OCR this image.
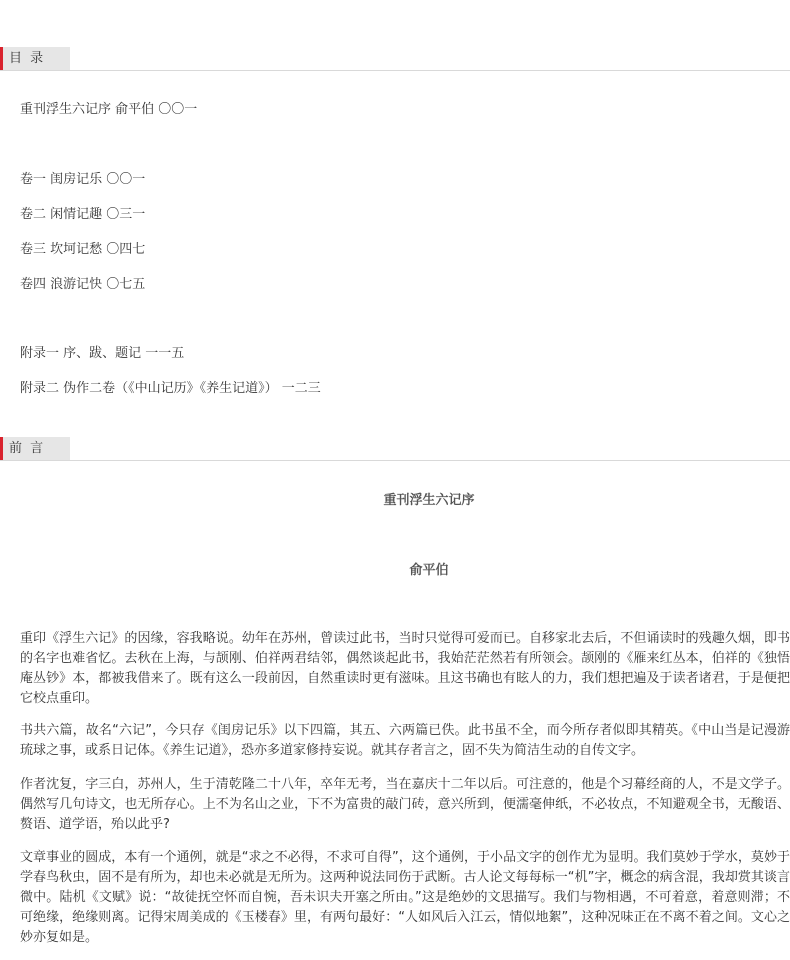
目 录
重刊浮生六记序 俞平伯 〇〇一
卷一 闺房记乐 〇〇一
卷二 闲情记趣 〇三一
卷三 坎坷记愁 〇四七
卷四 浪游记快 〇七五
附录一 序、跋、题记 一一五
附录二 伪作二卷（《中山记历》《养生记道》） 一二三
前 言
重刊浮生六记序
俞平伯

重印《浮生六记》的因缘，容我略说。幼年在苏州，曾读过此书，当时只觉得可爱而已。自移家北去后，不但诵读时的残趣久烟，即书的名字也难省忆。去秋在上海，与颉刚、伯祥两君结邻，偶然谈起此书，我始茫茫然若有所领会。颉刚的《雁来红丛本，伯祥的《独悟庵丛钞》本，都被我借来了。既有这么一段前因，自然重读时更有滋味。且这书确也有眩人的力，我们想把遍及于读者诸君，于是便把它校点重印。

书共六篇，故名“六记”，今只存《闺房记乐》以下四篇，其五、六两篇已佚。此书虽不全，而今所存者似即其精英。《中山当是记漫游琉球之事，或系日记体。《养生记道》，恐亦多道家修持妄说。就其存者言之，固不失为简洁生动的自传文字。

作者沈复，字三白，苏州人，生于清乾隆二十八年，卒年无考，当在嘉庆十二年以后。可注意的，他是个习幕经商的人，不是文学子。偶然写几句诗文，也无所存心。上不为名山之业，下不为富贵的敲门砖，意兴所到，便濡毫伸纸，不必妆点，不知避观全书，无酸语、赘语、道学语，殆以此乎?

文章事业的圆成，本有一个通例，就是“求之不必得，不求可自得”，这个通例，于小品文字的创作尤为显明。我们莫妙于学水，莫妙于学春鸟秋虫，固不是有所为，却也未必就是无所为。这两种说法同伤于武断。古人论文每每标一“机”字，概念的病含混，我却赏其谈言微中。陆机《文赋》说：“故徒抚空怀而自惋，吾未识夫开塞之所由。”这是绝妙的文思描写。我们与物相遇，不可着意，着意则滞；不可绝缘，绝缘则离。记得宋周美成的《玉楼春》里，有两句最好：“人如风后入江云，情似地絮”，这种况味正在不离不着之间。文心之妙亦复如是。
